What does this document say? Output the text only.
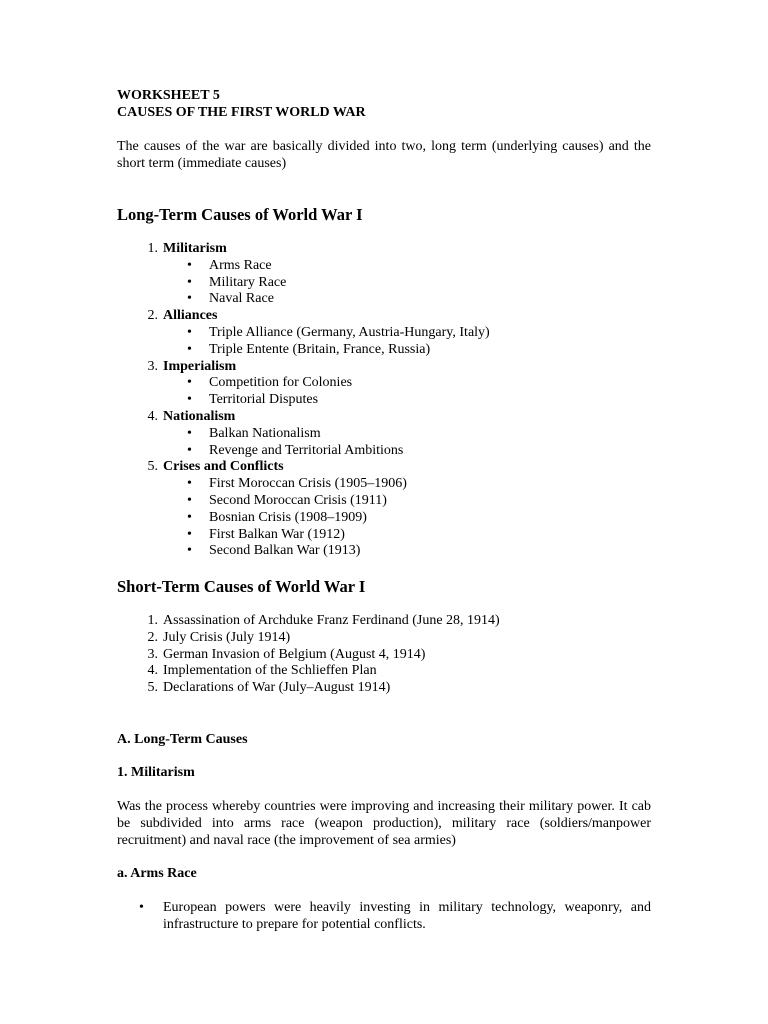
WORKSHEET 5
CAUSES OF THE FIRST WORLD WAR

The causes of the war are basically divided into two, long term (underlying causes) and the short term (immediate causes)

Long-Term Causes of World War I
1. Militarism
• Arms Race
• Military Race
• Naval Race
2. Alliances
• Triple Alliance (Germany, Austria-Hungary, Italy)
• Triple Entente (Britain, France, Russia)
3. Imperialism
• Competition for Colonies
• Territorial Disputes
4. Nationalism
• Balkan Nationalism
• Revenge and Territorial Ambitions
5. Crises and Conflicts
• First Moroccan Crisis (1905–1906)
• Second Moroccan Crisis (1911)
• Bosnian Crisis (1908–1909)
• First Balkan War (1912)
• Second Balkan War (1913)
Short-Term Causes of World War I
1. Assassination of Archduke Franz Ferdinand (June 28, 1914)
2. July Crisis (July 1914)
3. German Invasion of Belgium (August 4, 1914)
4. Implementation of the Schlieffen Plan
5. Declarations of War (July–August 1914)
A. Long-Term Causes
1. Militarism

Was the process whereby countries were improving and increasing their military power. It cab be subdivided into arms race (weapon production), military race (soldiers/manpower recruitment) and naval race (the improvement of sea armies)

a. Arms Race
• European powers were heavily investing in military technology, weaponry, and infrastructure to prepare for potential conflicts.
